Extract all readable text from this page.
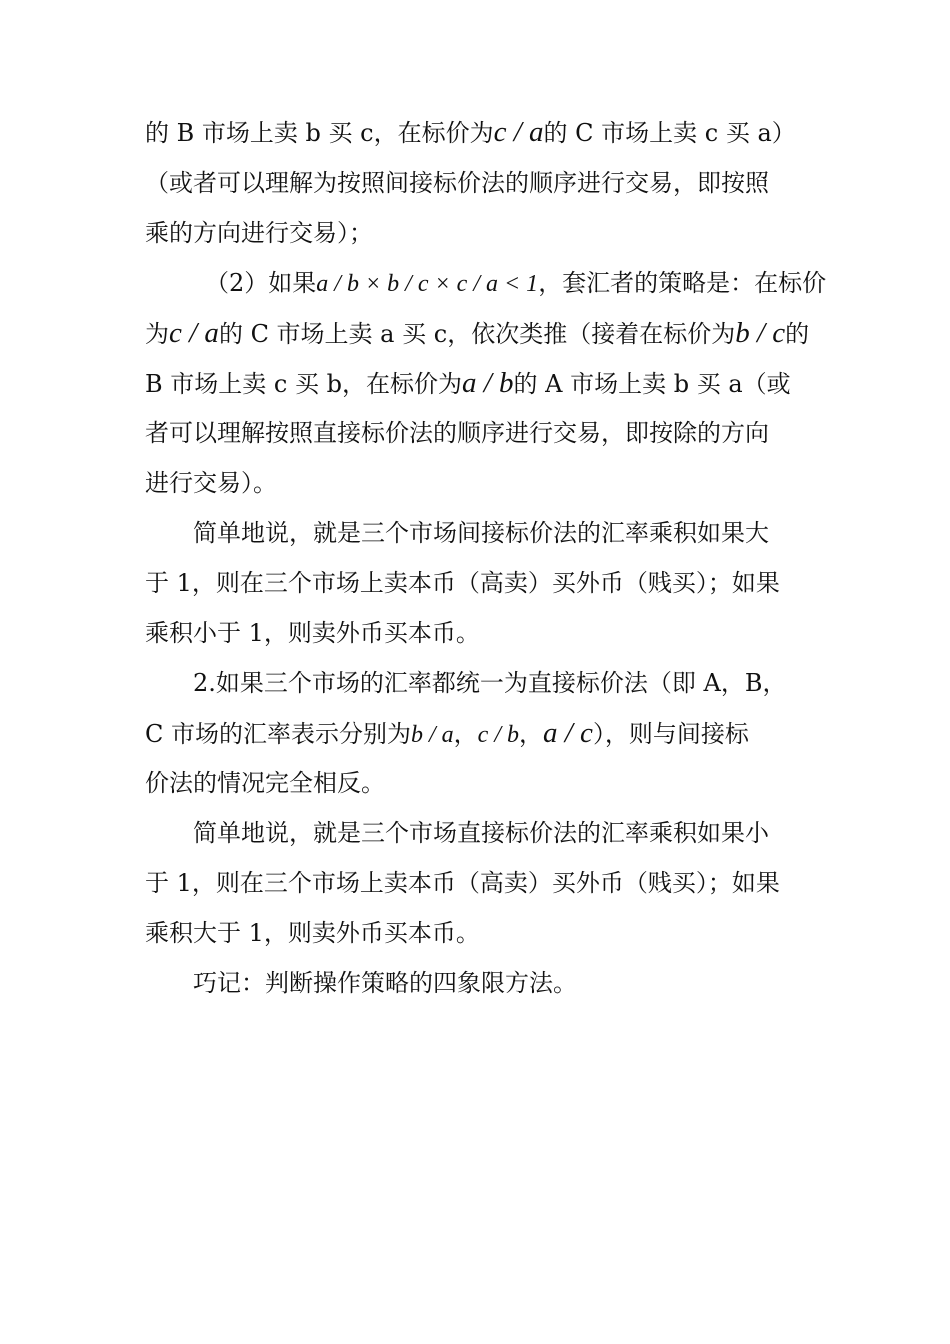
的 B 市场上卖 b 买 c，在标价为c / a的 C 市场上卖 c 买 a）
（或者可以理解为按照间接标价法的顺序进行交易，即按照
乘的方向进行交易）；
（2）如果a / b × b / c × c / a < 1，套汇者的策略是：在标价
为c / a的 C 市场上卖 a 买 c，依次类推（接着在标价为b / c的
B 市场上卖 c 买 b，在标价为a / b的 A 市场上卖 b 买 a（或
者可以理解按照直接标价法的顺序进行交易，即按除的方向
进行交易）。
简单地说，就是三个市场间接标价法的汇率乘积如果大
于 1，则在三个市场上卖本币（高卖）买外币（贱买）；如果
乘积小于 1，则卖外币买本币。
2.如果三个市场的汇率都统一为直接标价法（即 A，B，
C 市场的汇率表示分别为b / a，c / b，a / c），则与间接标
价法的情况完全相反。
简单地说，就是三个市场直接标价法的汇率乘积如果小
于 1，则在三个市场上卖本币（高卖）买外币（贱买）；如果
乘积大于 1，则卖外币买本币。
巧记：判断操作策略的四象限方法。
